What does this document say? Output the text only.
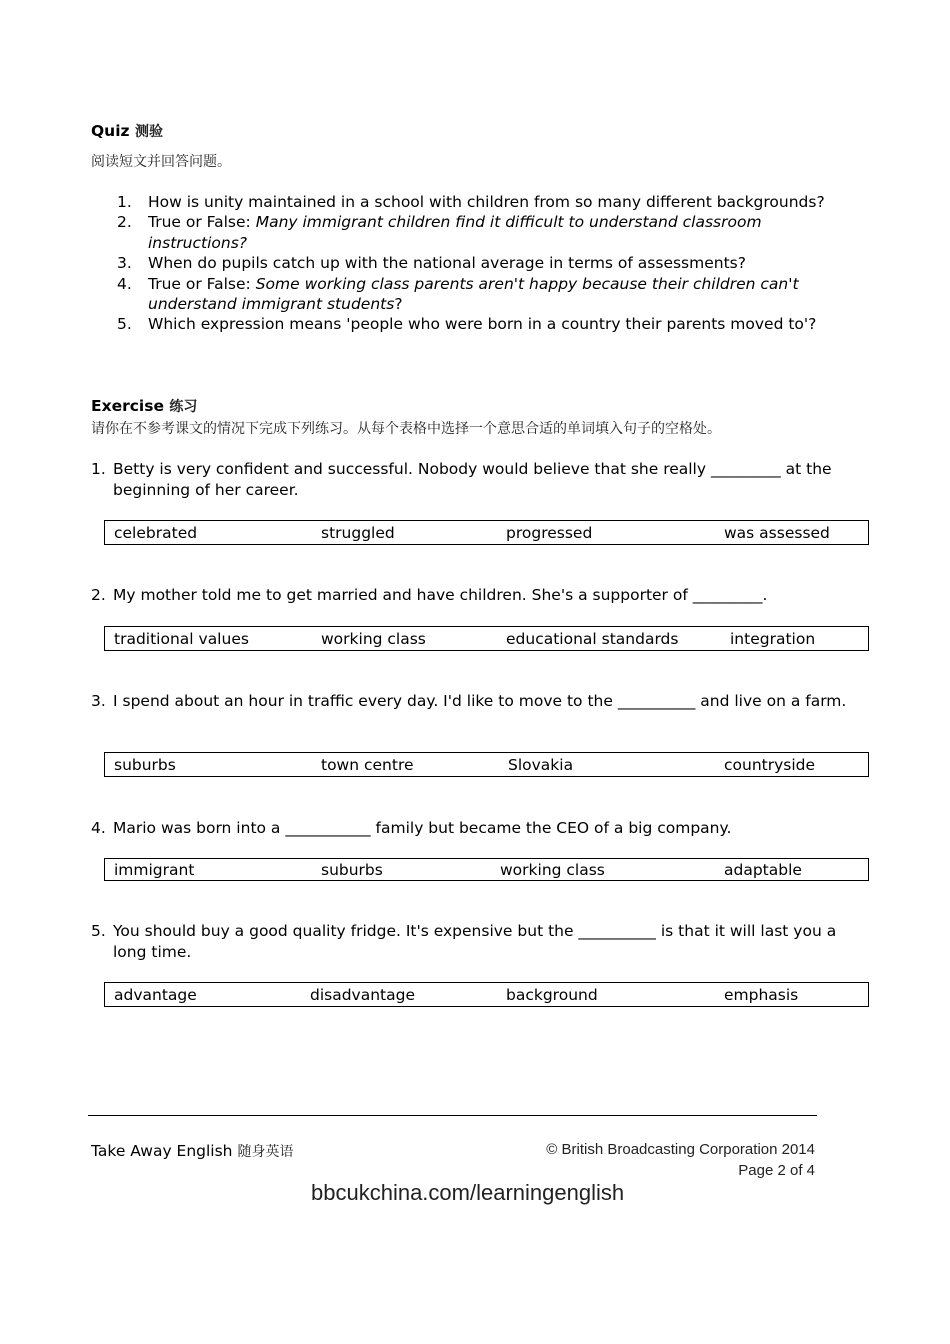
Quiz 测验
阅读短文并回答问题。
1. How is unity maintained in a school with children from so many different backgrounds?
2. True or False: Many immigrant children find it difficult to understand classroom instructions?
3. When do pupils catch up with the national average in terms of assessments?
4. True or False: Some working class parents aren't happy because their children can't understand immigrant students?
5. Which expression means 'people who were born in a country their parents moved to'?
Exercise 练习
请你在不参考课文的情况下完成下列练习。从每个表格中选择一个意思合适的单词填入句子的空格处。
1. Betty is very confident and successful. Nobody would believe that she really _________ at the beginning of her career.
celebrated	struggled	progressed	was assessed
2. My mother told me to get married and have children. She's a supporter of _________.
traditional values	working class	educational standards	integration
3. I spend about an hour in traffic every day. I'd like to move to the __________ and live on a farm.
suburbs	town centre	Slovakia	countryside
4. Mario was born into a ___________ family but became the CEO of a big company.
immigrant	suburbs	working class	adaptable
5. You should buy a good quality fridge. It's expensive but the __________ is that it will last you a long time.
advantage	disadvantage	background	emphasis
Take Away English 随身英语	© British Broadcasting Corporation 2014
Page 2 of 4
bbcukchina.com/learningenglish
